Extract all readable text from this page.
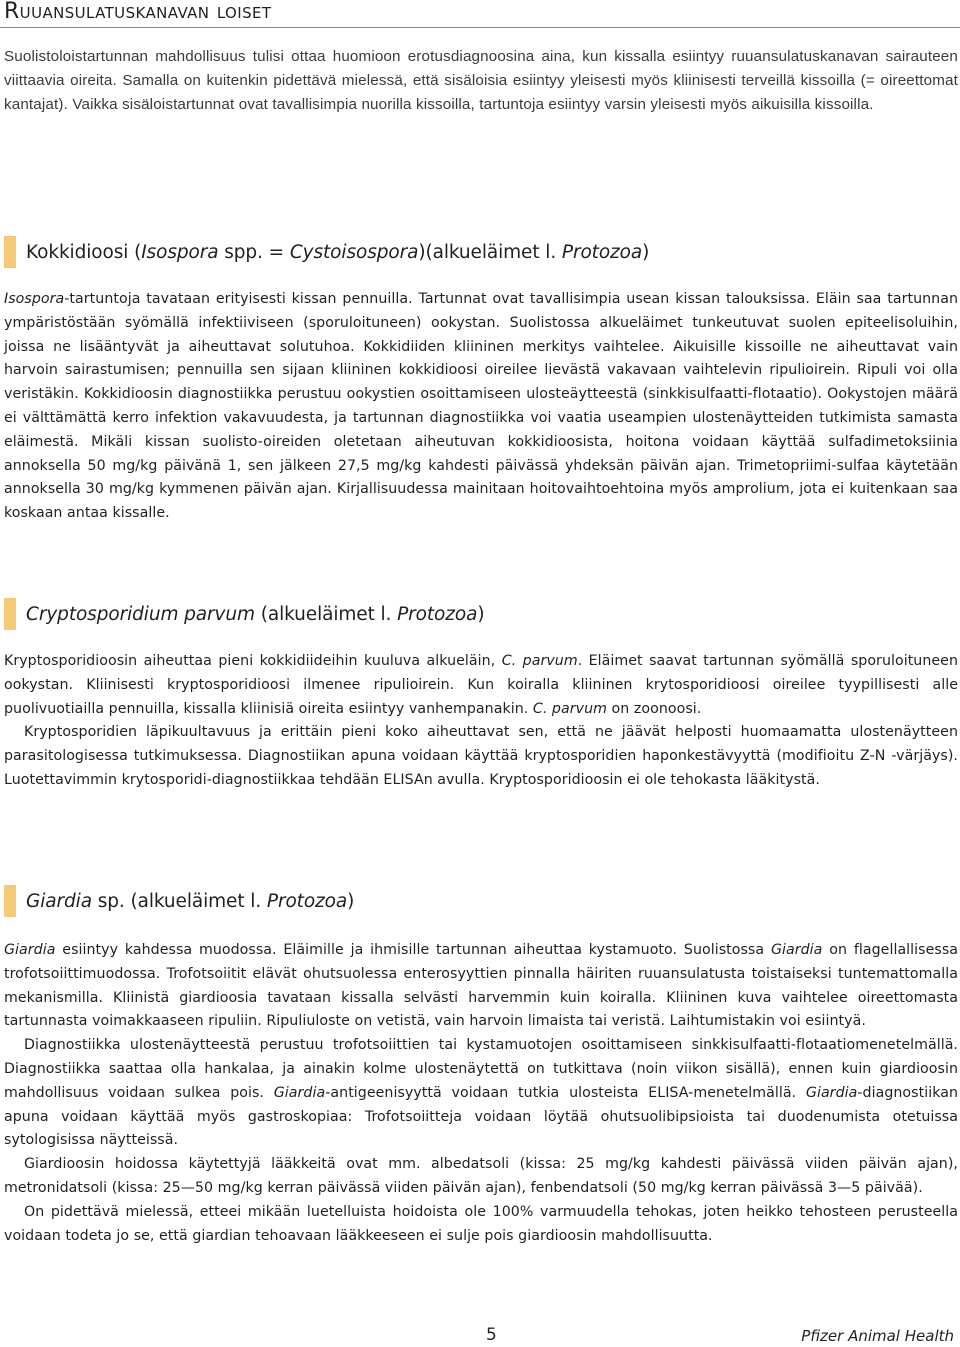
Ruuansulatuskanavan loiset

Suolistoloistartunnan mahdollisuus tulisi ottaa huomioon erotusdiagnoosina aina, kun kissalla esiintyy ruuansulatuskanavan sairauteen viittaavia oireita. Samalla on kuitenkin pidettävä mielessä, että sisäloisia esiintyy yleisesti myös kliinisesti terveillä kissoilla (= oireettomat kantajat). Vaikka sisäloistartunnat ovat tavallisimpia nuorilla kissoilla, tartuntoja esiintyy varsin yleisesti myös aikuisilla kissoilla.

Kokkidioosi (Isospora spp. = Cystoisospora)(alkueläimet l. Protozoa)

Isospora-tartuntoja tavataan erityisesti kissan pennuilla. Tartunnat ovat tavallisimpia usean kissan talouksissa. Eläin saa tartunnan ympäristöstään syömällä infektiiviseen (sporuloituneen) ookystan. Suolistossa alkueläimet tunkeutuvat suolen epiteelisoluihin, joissa ne lisääntyvät ja aiheuttavat solutuhoa. Kokkidiiden kliininen merkitys vaihtelee. Aikuisille kissoille ne aiheuttavat vain harvoin sairastumisen; pennuilla sen sijaan kliininen kokkidioosi oireilee lievästä vakavaan vaihtelevin ripulioirein. Ripuli voi olla veristäkin. Kokkidioosin diagnostiikka perustuu ookystien osoittamiseen ulosteäytteestä (sinkkisulfaatti-flotaatio). Ookystojen määrä ei välttämättä kerro infektion vakavuudesta, ja tartunnan diagnostiikka voi vaatia useampien ulostenäytteiden tutkimista samasta eläimestä. Mikäli kissan suolisto-oireiden oletetaan aiheutuvan kokkidioosista, hoitona voidaan käyttää sulfadimetoksiinia annoksella 50 mg/kg päivänä 1, sen jälkeen 27,5 mg/kg kahdesti päivässä yhdeksän päivän ajan. Trimetopriimi-sulfaa käytetään annoksella 30 mg/kg kymmenen päivän ajan. Kirjallisuudessa mainitaan hoitovaihtoehtoina myös amprolium, jota ei kuitenkaan saa koskaan antaa kissalle.

Cryptosporidium parvum (alkueläimet l. Protozoa)

Kryptosporidioosin aiheuttaa pieni kokkidiideihin kuuluva alkueläin, C. parvum. Eläimet saavat tartunnan syömällä sporuloituneen ookystan. Kliinisesti kryptosporidioosi ilmenee ripulioirein. Kun koiralla kliininen krytosporidioosi oireilee tyypillisesti alle puolivuotiailla pennuilla, kissalla kliinisiä oireita esiintyy vanhempanakin. C. parvum on zoonoosi.

Kryptosporidien läpikuultavuus ja erittäin pieni koko aiheuttavat sen, että ne jäävät helposti huomaamatta ulostenäytteen parasitologisessa tutkimuksessa. Diagnostiikan apuna voidaan käyttää kryptosporidien haponkestävyyttä (modifioitu Z-N -värjäys). Luotettavimmin krytosporidi-diagnostiikkaa tehdään ELISAn avulla. Kryptosporidioosin ei ole tehokasta lääkitystä.

Giardia sp. (alkueläimet l. Protozoa)

Giardia esiintyy kahdessa muodossa. Eläimille ja ihmisille tartunnan aiheuttaa kystamuoto. Suolistossa Giardia on flagellallisessa trofotsoiittimuodossa. Trofotsoiitit elävät ohutsuolessa enterosyyttien pinnalla häiriten ruuansulatusta toistaiseksi tuntemattomalla mekanismilla. Kliinistä giardioosia tavataan kissalla selvästi harvemmin kuin koiralla. Kliininen kuva vaihtelee oireettomasta tartunnasta voimakkaaseen ripuliin. Ripuliuloste on vetistä, vain harvoin limaista tai veristä. Laihtumistakin voi esiintyä.

Diagnostiikka ulostenäytteestä perustuu trofotsoiittien tai kystamuotojen osoittamiseen sinkkisulfaatti-flotaatiomenetelmällä. Diagnostiikka saattaa olla hankalaa, ja ainakin kolme ulostenäytettä on tutkittava (noin viikon sisällä), ennen kuin giardioosin mahdollisuus voidaan sulkea pois. Giardia-antigeenisyyttä voidaan tutkia ulosteista ELISA-menetelmällä. Giardia-diagnostiikan apuna voidaan käyttää myös gastroskopiaa: Trofotsoiitteja voidaan löytää ohutsuolibipsioista tai duodenumista otetuissa sytologisissa näytteissä.

Giardioosin hoidossa käytettyjä lääkkeitä ovat mm. albedatsoli (kissa: 25 mg/kg kahdesti päivässä viiden päivän ajan), metronidatsoli (kissa: 25—50 mg/kg kerran päivässä viiden päivän ajan), fenbendatsoli (50 mg/kg kerran päivässä 3—5 päivää).

On pidettävä mielessä, etteei mikään luetelluista hoidoista ole 100% varmuudella tehokas, joten heikko tehosteen perusteella voidaan todeta jo se, että giardian tehoavaan lääkkeeseen ei sulje pois giardioosin mahdollisuutta.

5	Pfizer Animal Health
